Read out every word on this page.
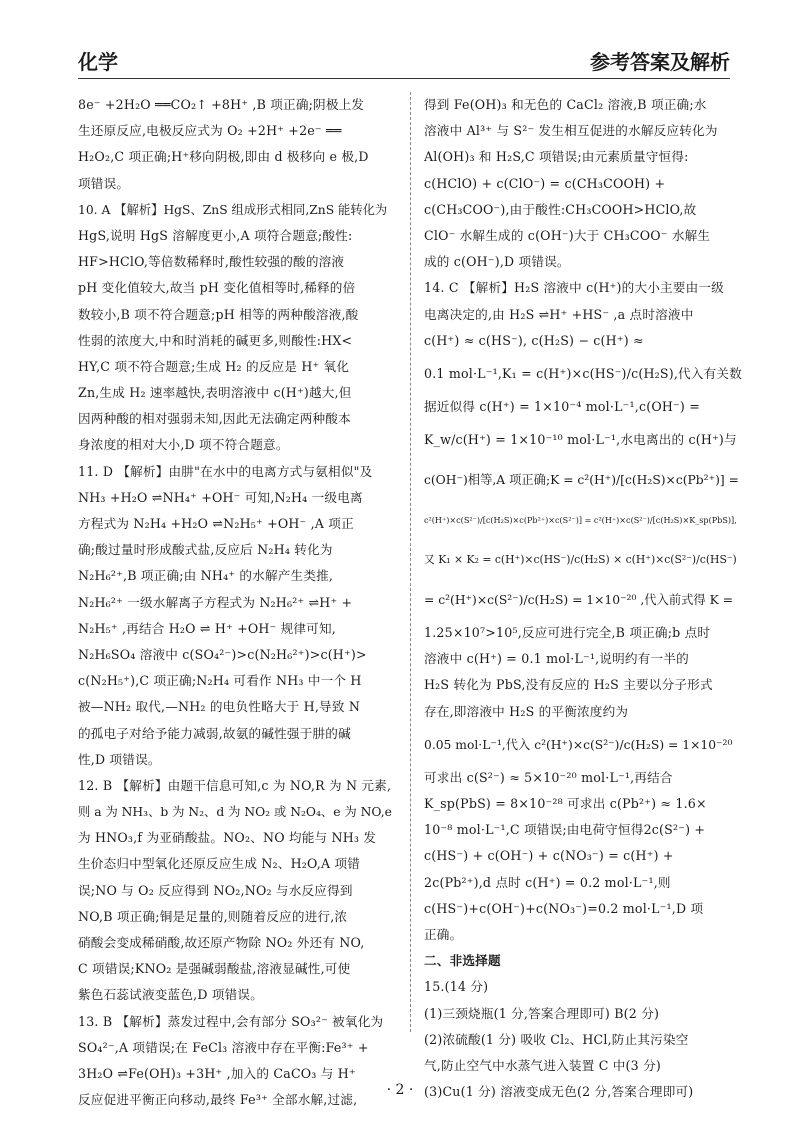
化学	参考答案及解析
8e⁻ +2H₂O ══CO₂↑ +8H⁺ ,B 项正确;阴极上发
生还原反应,电极反应式为 O₂ +2H⁺ +2e⁻ ══
H₂O₂,C 项正确;H⁺移向阴极,即由 d 极移向 e 极,D
项错误。
10. A 【解析】HgS、ZnS 组成形式相同,ZnS 能转化为
HgS,说明 HgS 溶解度更小,A 项符合题意;酸性:
HF>HClO,等倍数稀释时,酸性较强的酸的溶液
pH 变化值较大,故当 pH 变化值相等时,稀释的倍
数较小,B 项不符合题意;pH 相等的两种酸溶液,酸
性弱的浓度大,中和时消耗的碱更多,则酸性:HX<
HY,C 项不符合题意;生成 H₂ 的反应是 H⁺ 氧化
Zn,生成 H₂ 速率越快,表明溶液中 c(H⁺)越大,但
因两种酸的相对强弱未知,因此无法确定两种酸本
身浓度的相对大小,D 项不符合题意。
11. D 【解析】由肼"在水中的电离方式与氨相似"及
NH₃ +H₂O ⇌NH₄⁺ +OH⁻ 可知,N₂H₄ 一级电离
方程式为 N₂H₄ +H₂O ⇌N₂H₅⁺ +OH⁻ ,A 项正
确;酸过量时形成酸式盐,反应后 N₂H₄ 转化为
N₂H₆²⁺,B 项正确;由 NH₄⁺ 的水解产生类推,
N₂H₆²⁺ 一级水解离子方程式为 N₂H₆²⁺ ⇌H⁺ +
N₂H₅⁺ ,再结合 H₂O ⇌ H⁺ +OH⁻ 规律可知,
N₂H₆SO₄ 溶液中 c(SO₄²⁻)>c(N₂H₆²⁺)>c(H⁺)>
c(N₂H₅⁺),C 项正确;N₂H₄ 可看作 NH₃ 中一个 H
被—NH₂ 取代,—NH₂ 的电负性略大于 H,导致 N
的孤电子对给予能力减弱,故氨的碱性强于肼的碱
性,D 项错误。
12. B 【解析】由题干信息可知,c 为 NO,R 为 N 元素,
则 a 为 NH₃、b 为 N₂、d 为 NO₂ 或 N₂O₄、e 为 NO,e
为 HNO₃,f 为亚硝酸盐。NO₂、NO 均能与 NH₃ 发
生价态归中型氧化还原反应生成 N₂、H₂O,A 项错
误;NO 与 O₂ 反应得到 NO₂,NO₂ 与水反应得到
NO,B 项正确;铜是足量的,则随着反应的进行,浓
硝酸会变成稀硝酸,故还原产物除 NO₂ 外还有 NO,
C 项错误;KNO₂ 是强碱弱酸盐,溶液显碱性,可使
紫色石蕊试液变蓝色,D 项错误。
13. B 【解析】蒸发过程中,会有部分 SO₃²⁻ 被氧化为
SO₄²⁻,A 项错误;在 FeCl₃ 溶液中存在平衡:Fe³⁺ +
3H₂O ⇌Fe(OH)₃ +3H⁺ ,加入的 CaCO₃ 与 H⁺
反应促进平衡正向移动,最终 Fe³⁺ 全部水解,过滤,
得到 Fe(OH)₃ 和无色的 CaCl₂ 溶液,B 项正确;水
溶液中 Al³⁺ 与 S²⁻ 发生相互促进的水解反应转化为
Al(OH)₃ 和 H₂S,C 项错误;由元素质量守恒得:
c(HClO) + c(ClO⁻) = c(CH₃COOH) +
c(CH₃COO⁻),由于酸性:CH₃COOH>HClO,故
ClO⁻ 水解生成的 c(OH⁻)大于 CH₃COO⁻ 水解生
成的 c(OH⁻),D 项错误。
14. C 【解析】H₂S 溶液中 c(H⁺)的大小主要由一级
电离决定的,由 H₂S ⇌H⁺ +HS⁻ ,a 点时溶液中
c(H⁺) ≈ c(HS⁻), c(H₂S) − c(H⁺) ≈
0.1 mol·L⁻¹,K₁ = c(H⁺)×c(HS⁻)/c(H₂S),代入有关数
据近似得 c(H⁺) = 1×10⁻⁴ mol·L⁻¹,c(OH⁻) =
K_w/c(H⁺) = 1×10⁻¹⁰ mol·L⁻¹,水电离出的 c(H⁺)与
c(OH⁻)相等,A 项正确;K = c²(H⁺)/[c(H₂S)×c(Pb²⁺)] =
c²(H⁺)×c(S²⁻)/[c(H₂S)×c(Pb²⁺)×c(S²⁻)] = c²(H⁺)×c(S²⁻)/[c(H₂S)×K_sp(PbS)],
又 K₁ × K₂ = c(H⁺)×c(HS⁻)/c(H₂S) × c(H⁺)×c(S²⁻)/c(HS⁻)
= c²(H⁺)×c(S²⁻)/c(H₂S) = 1×10⁻²⁰ ,代入前式得 K =
1.25×10⁷>10⁵,反应可进行完全,B 项正确;b 点时
溶液中 c(H⁺) = 0.1 mol·L⁻¹,说明约有一半的
H₂S 转化为 PbS,没有反应的 H₂S 主要以分子形式
存在,即溶液中 H₂S 的平衡浓度约为
0.05 mol·L⁻¹,代入 c²(H⁺)×c(S²⁻)/c(H₂S) = 1×10⁻²⁰
可求出 c(S²⁻) ≈ 5×10⁻²⁰ mol·L⁻¹,再结合
K_sp(PbS) = 8×10⁻²⁸ 可求出 c(Pb²⁺) ≈ 1.6×
10⁻⁸ mol·L⁻¹,C 项错误;由电荷守恒得2c(S²⁻) +
c(HS⁻) + c(OH⁻) + c(NO₃⁻) = c(H⁺) +
2c(Pb²⁺),d 点时 c(H⁺) = 0.2 mol·L⁻¹,则
c(HS⁻)+c(OH⁻)+c(NO₃⁻)=0.2 mol·L⁻¹,D 项
正确。
二、非选择题
15.(14 分)
(1)三颈烧瓶(1 分,答案合理即可) B(2 分)
(2)浓硫酸(1 分) 吸收 Cl₂、HCl,防止其污染空
气,防止空气中水蒸气进入装置 C 中(3 分)
(3)Cu(1 分) 溶液变成无色(2 分,答案合理即可)
· 2 ·
